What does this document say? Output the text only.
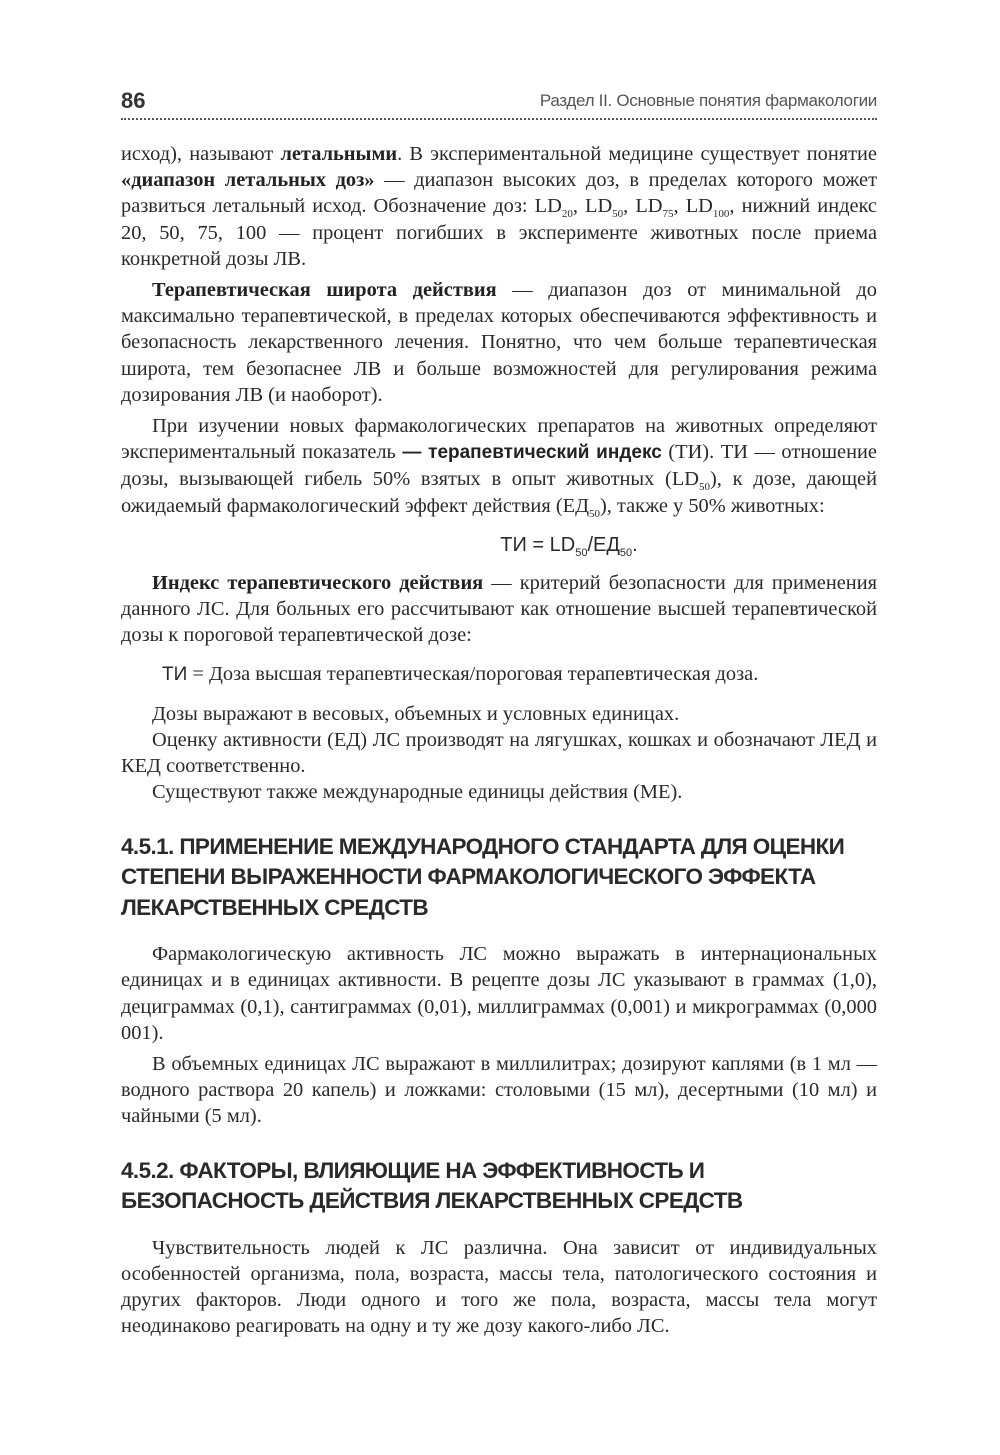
86	Раздел II. Основные понятия фармакологии

исход), называют летальными. В экспериментальной медицине существует понятие «диапазон летальных доз» — диапазон высоких доз, в пределах которого может развиться летальный исход. Обозначение доз: $LD_{20}$, $LD_{50}$, $LD_{75}$, $LD_{100}$, нижний индекс 20, 50, 75, 100 — процент погибших в эксперименте животных после приема конкретной дозы ЛВ.

Терапевтическая широта действия — диапазон доз от минимальной до максимально терапевтической, в пределах которых обеспечиваются эффективность и безопасность лекарственного лечения. Понятно, что чем больше терапевтическая широта, тем безопаснее ЛВ и больше возможностей для регулирования режима дозирования ЛВ (и наоборот).

При изучении новых фармакологических препаратов на животных определяют экспериментальный показатель — терапевтический индекс (ТИ). ТИ — отношение дозы, вызывающей гибель 50% взятых в опыт животных $(LD_{50})$, к дозе, дающей ожидаемый фармакологический эффект действия $(ЕД_{50})$, также у 50% животных:

ТИ = $LD_{50}/ЕД_{50}$.

Индекс терапевтического действия — критерий безопасности для применения данного ЛС. Для больных его рассчитывают как отношение высшей терапевтической дозы к пороговой терапевтической дозе:

ТИ = Доза высшая терапевтическая/пороговая терапевтическая доза.

Дозы выражают в весовых, объемных и условных единицах.

Оценку активности (ЕД) ЛС производят на лягушках, кошках и обозначают ЛЕД и КЕД соответственно.

Существуют также международные единицы действия (МЕ).

4.5.1. ПРИМЕНЕНИЕ МЕЖДУНАРОДНОГО СТАНДАРТА ДЛЯ ОЦЕНКИ СТЕПЕНИ ВЫРАЖЕННОСТИ ФАРМАКОЛОГИЧЕСКОГО ЭФФЕКТА ЛЕКАРСТВЕННЫХ СРЕДСТВ

Фармакологическую активность ЛС можно выражать в интернациональных единицах и в единицах активности. В рецепте дозы ЛС указывают в граммах (1,0), дециграммах (0,1), сантиграммах (0,01), миллиграммах (0,001) и микрограммах (0,000 001).

В объемных единицах ЛС выражают в миллилитрах; дозируют каплями (в 1 мл — водного раствора 20 капель) и ложками: столовыми (15 мл), десертными (10 мл) и чайными (5 мл).

4.5.2. ФАКТОРЫ, ВЛИЯЮЩИЕ НА ЭФФЕКТИВНОСТЬ И БЕЗОПАСНОСТЬ ДЕЙСТВИЯ ЛЕКАРСТВЕННЫХ СРЕДСТВ

Чувствительность людей к ЛС различна. Она зависит от индивидуальных особенностей организма, пола, возраста, массы тела, патологического состояния и других факторов. Люди одного и того же пола, возраста, массы тела могут неодинаково реагировать на одну и ту же дозу какого-либо ЛС.
